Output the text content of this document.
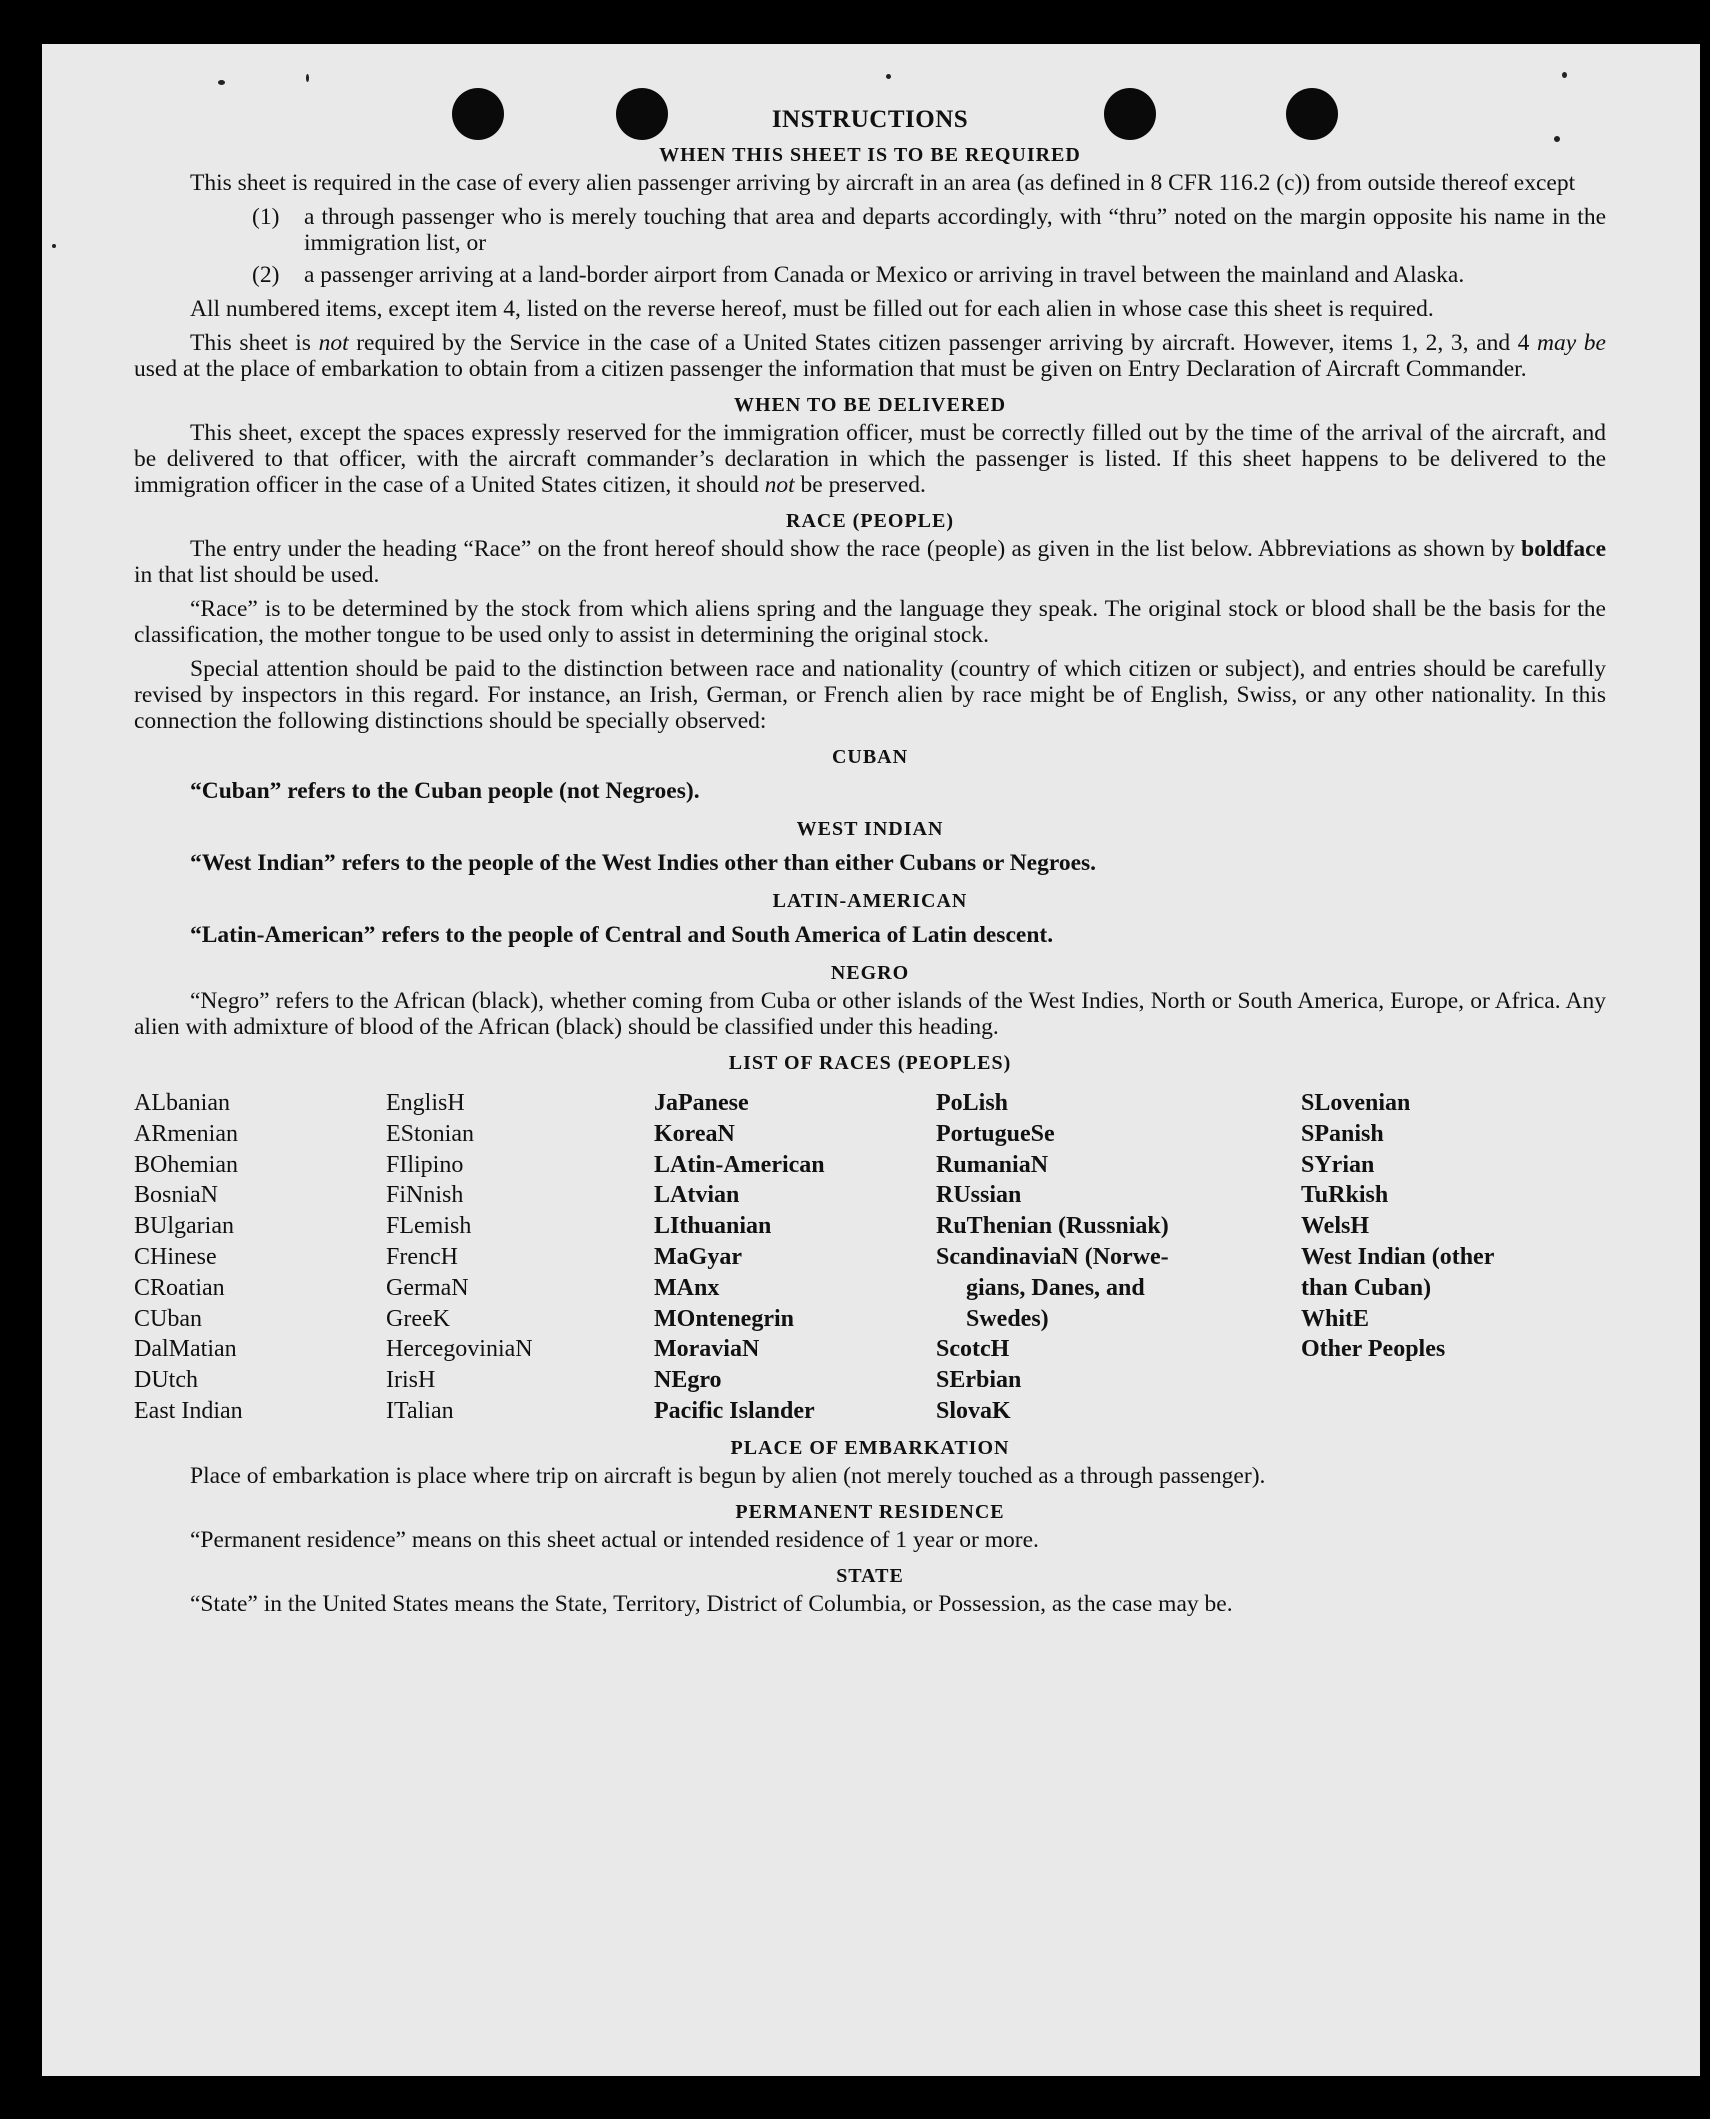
INSTRUCTIONS
WHEN THIS SHEET IS TO BE REQUIRED

This sheet is required in the case of every alien passenger arriving by aircraft in an area (as defined in 8 CFR 116.2 (c)) from outside thereof except

(1)	a through passenger who is merely touching that area and departs accordingly, with “thru” noted on the margin opposite his name in the immigration list, or
(2)	a passenger arriving at a land-border airport from Canada or Mexico or arriving in travel between the mainland and Alaska.

All numbered items, except item 4, listed on the reverse hereof, must be filled out for each alien in whose case this sheet is required.

This sheet is not required by the Service in the case of a United States citizen passenger arriving by aircraft. However, items 1, 2, 3, and 4 may be used at the place of embarkation to obtain from a citizen passenger the information that must be given on Entry Declaration of Aircraft Commander.

WHEN TO BE DELIVERED

This sheet, except the spaces expressly reserved for the immigration officer, must be correctly filled out by the time of the arrival of the aircraft, and be delivered to that officer, with the aircraft commander’s declaration in which the passenger is listed. If this sheet happens to be delivered to the immigration officer in the case of a United States citizen, it should not be preserved.

RACE (PEOPLE)

The entry under the heading “Race” on the front hereof should show the race (people) as given in the list below. Abbreviations as shown by boldface in that list should be used.

“Race” is to be determined by the stock from which aliens spring and the language they speak. The original stock or blood shall be the basis for the classification, the mother tongue to be used only to assist in determining the original stock.

Special attention should be paid to the distinction between race and nationality (country of which citizen or subject), and entries should be carefully revised by inspectors in this regard. For instance, an Irish, German, or French alien by race might be of English, Swiss, or any other nationality. In this connection the following distinctions should be specially observed:

CUBAN
“Cuban” refers to the Cuban people (not Negroes).
WEST INDIAN
“West Indian” refers to the people of the West Indies other than either Cubans or Negroes.
LATIN-AMERICAN
“Latin-American” refers to the people of Central and South America of Latin descent.
NEGRO

“Negro” refers to the African (black), whether coming from Cuba or other islands of the West Indies, North or South America, Europe, or Africa. Any alien with admixture of blood of the African (black) should be classified under this heading.

LIST OF RACES (PEOPLES)
ALbanian
ARmenian
BOhemian
BosniaN
BUlgarian
CHinese
CRoatian
CUban
DalMatian
DUtch
East Indian
EnglisH
EStonian
FIlipino
FiNnish
FLemish
FrencH
GermaN
GreeK
HercegoviniaN
IrisH
ITalian
JaPanese
KoreaN
LAtin-American
LAtvian
LIthuanian
MaGyar
MAnx
MOntenegrin
MoraviaN
NEgro
Pacific Islander
PoLish
PortugueSe
RumaniaN
RUssian
RuThenian (Russniak)
ScandinaviaN (Norwe-
gians, Danes, and
Swedes)
ScotcH
SErbian
SlovaK
SLovenian
SPanish
SYrian
TuRkish
WelsH
West Indian (other
than Cuban)
WhitE
Other Peoples
PLACE OF EMBARKATION

Place of embarkation is place where trip on aircraft is begun by alien (not merely touched as a through passenger).

PERMANENT RESIDENCE

“Permanent residence” means on this sheet actual or intended residence of 1 year or more.

STATE

“State” in the United States means the State, Territory, District of Columbia, or Possession, as the case may be.
